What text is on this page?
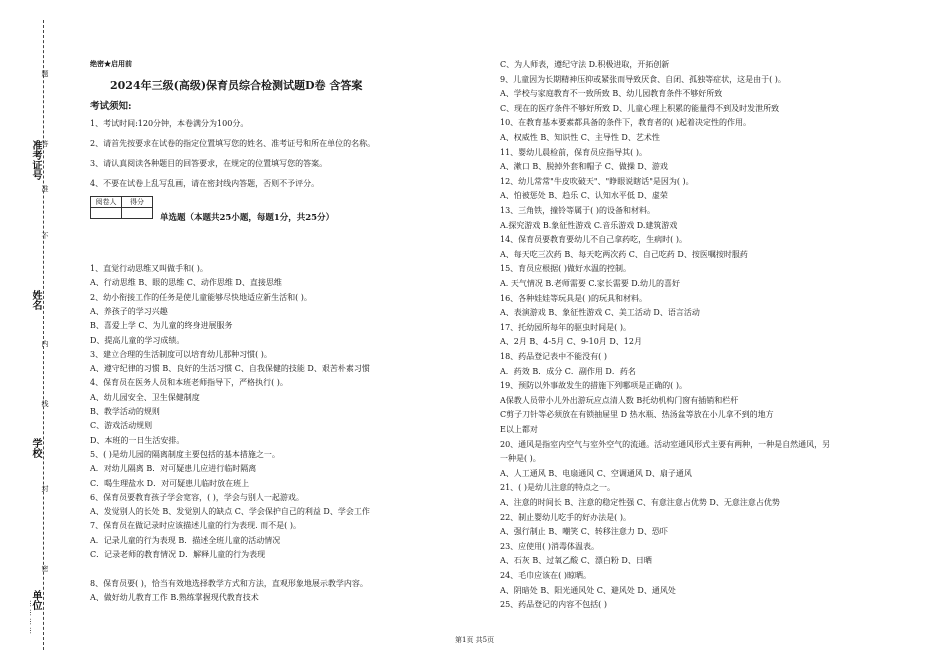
准考证号
姓名
学校
单位
题
答
不
内
线
封
密
准
…………
绝密★启用前
2024年三级(高级)保育员综合检测试题D卷 含答案
考试须知:
1、考试时间:120分钟，本卷满分为100分。
2、请首先按要求在试卷的指定位置填写您的姓名、准考证号和所在单位的名称。
3、请认真阅读各种题目的回答要求，在规定的位置填写您的答案。
4、不要在试卷上乱写乱画，请在密封线内答题，否则不予评分。
阅卷人	得分

单选题（本题共25小题，每题1分，共25分）
1、直觉行动思维又叫做手和( )。
A、行动思维 B、眼的思维 C、动作思维 D、直接思维
2、幼小衔接工作的任务是使儿童能够尽快地适应新生活和( )。
A、养孩子的学习兴趣
B、喜爱上学 C、为儿童的终身进展服务
D、提高儿童的学习成绩。
3、建立合理的生活制度可以培育幼儿那种习惯( )。
A、遵守纪律的习惯 B、良好的生活习惯 C、自我保健的技能 D、艰苦朴素习惯
4、保育员在医务人员和本班老师指导下，严格执行( )。
A、幼儿园安全、卫生保健制度
B、教学活动的规则
C、游戏活动规则
D、本班的一日生活安排。
5、( )是幼儿园的隔离制度主要包括的基本措施之一。
A．对幼儿隔离 B．对可疑患儿应进行临时隔离
C．喝生理盐水 D．对可疑患儿临时放在班上
6、保育员要教育孩子学会宽容，( )，学会与别人一起游戏。
A、发觉别人的长处 B、发觉别人的缺点 C、学会保护自己的利益 D、学会工作
7、保育员在做记录时应该描述儿童的行为表现. 而不是( )。
A．记录儿童的行为表现 B．描述全班儿童的活动情况
C．记录老师的教育情况 D．解释儿童的行为表现
8、保育员要( )，恰当有效地选择教学方式和方法，直观形象地展示教学内容。
A、做好幼儿教育工作 B.熟练掌握现代教育技术
C、为人师表，遵纪守法 D.积极进取，开拓创新
9、儿童因为长期精神压抑或紧张而导致厌食、自闭、孤独等症状，这是由于( )。
A、学校与家庭教育不一致所致 B、幼儿园教育条件不够好所致
C、现在的医疗条件不够好所致 D、儿童心理上积累的能量得不到及时发泄所致
10、在教育基本要素都具备的条件下，教育者的( )起着决定性的作用。
A、权威性 B、知识性 C、主导性 D、艺术性
11、婴幼儿晨检前，保育员应指导其( )。
A、漱口 B、脱掉外套和帽子 C、做操 D、游戏
12、幼儿常常"牛皮吹破天"、"睁眼说瞎话"是因为( )。
A、怕被惩处 B、趋乐 C、认知水平低 D、虚荣
13、三角铁，撞铃等属于( )的设备和材料。
A.探究游戏 B.象征性游戏 C.音乐游戏 D.建筑游戏
14、保育员要教育要幼儿不自己拿药吃，生病时( )。
A、每天吃三次药 B、每天吃两次药 C、自己吃药 D、按医嘱按时服药
15、育员应根据( )做好水温的控制。
A. 天气情况 B.老师需要 C.家长需要 D.幼儿的喜好
16、各种娃娃等玩具是( )的玩具和材料。
A、表演游戏 B、象征性游戏 C、美工活动 D、语言活动
17、托幼园所每年的驱虫时间是( )。
A、2月 B、4-5月 C、9-10月 D、12月
18、药品登记表中不能没有( )
A．药效 B．成分 C．副作用 D．药名
19、预防以外事故发生的措施下列哪项是正确的( )。
A保教人员带小儿外出游玩应点清人数 B托幼机构门窗有插销和栏杆
C剪子刀针等必须放在有锁抽屉里 D 热水瓶、热汤盆等放在小儿拿不到的地方
E以上都对
20、通风是指室内空气与室外空气的流通。活动室通风形式主要有两种，一种是自然通风，另
一种是( )。
A、人工通风 B、电扇通风 C、空调通风 D、扇子通风
21、( )是幼儿注意的特点之一。
A、注意的时间长 B、注意的稳定性强 C、有意注意占优势 D、无意注意占优势
22、制止婴幼儿吃手的好办法是( )。
A、强行制止 B、嘲笑 C、转移注意力 D、恐吓
23、应使用( )消毒体温表。
A、石灰 B、过氧乙酸 C、漂白粉 D、日晒
24、毛巾应该在( )晾晒。
A、阴暗处 B、阳光通风处 C、避风处 D、通风处
25、药品登记的内容不包括( )
第1页 共5页
